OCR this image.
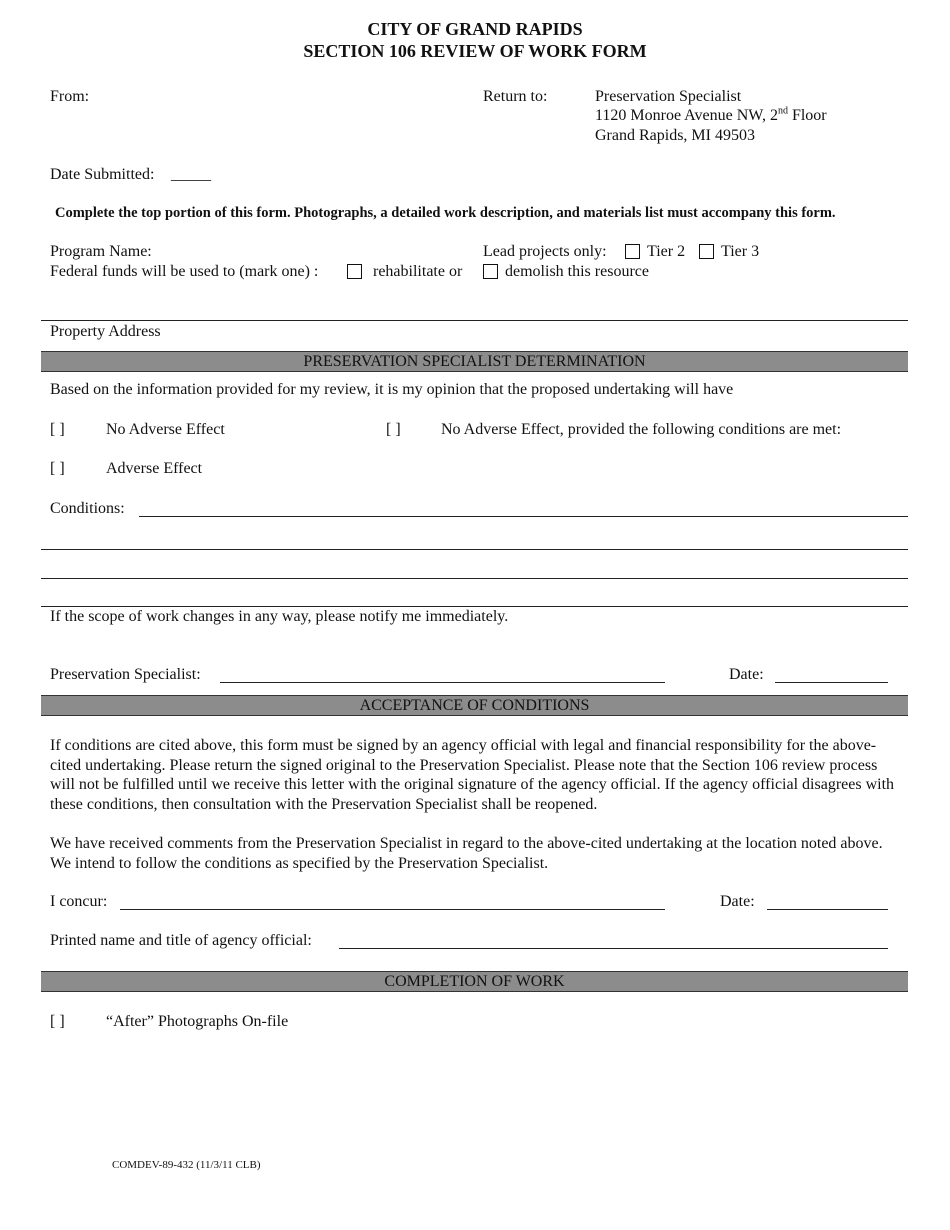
CITY OF GRAND RAPIDS
SECTION 106 REVIEW OF WORK FORM
From:	Return to:	Preservation Specialist
1120 Monroe Avenue NW, 2nd Floor
Grand Rapids, MI 49503
Date Submitted: _____
Complete the top portion of this form. Photographs, a detailed work description, and materials list must accompany this form.
Program Name:	Lead projects only:	Tier 2 Tier 3
Federal funds will be used to (mark one) :	rehabilitate or	demolish this resource
Property Address
PRESERVATION SPECIALIST DETERMINATION
Based on the information provided for my review, it is my opinion that the proposed undertaking will have
[ ]	No Adverse Effect	[ ]	No Adverse Effect, provided the following conditions are met:
[ ]	Adverse Effect
Conditions:
If the scope of work changes in any way, please notify me immediately.
Preservation Specialist:	Date:
ACCEPTANCE OF CONDITIONS
If conditions are cited above, this form must be signed by an agency official with legal and financial responsibility for the above-cited undertaking. Please return the signed original to the Preservation Specialist. Please note that the Section 106 review process will not be fulfilled until we receive this letter with the original signature of the agency official. If the agency official disagrees with these conditions, then consultation with the Preservation Specialist shall be reopened.
We have received comments from the Preservation Specialist in regard to the above-cited undertaking at the location noted above. We intend to follow the conditions as specified by the Preservation Specialist.
I concur:	Date:
Printed name and title of agency official:
COMPLETION OF WORK
[ ]	“After” Photographs On-file
COMDEV-89-432 (11/3/11 CLB)
